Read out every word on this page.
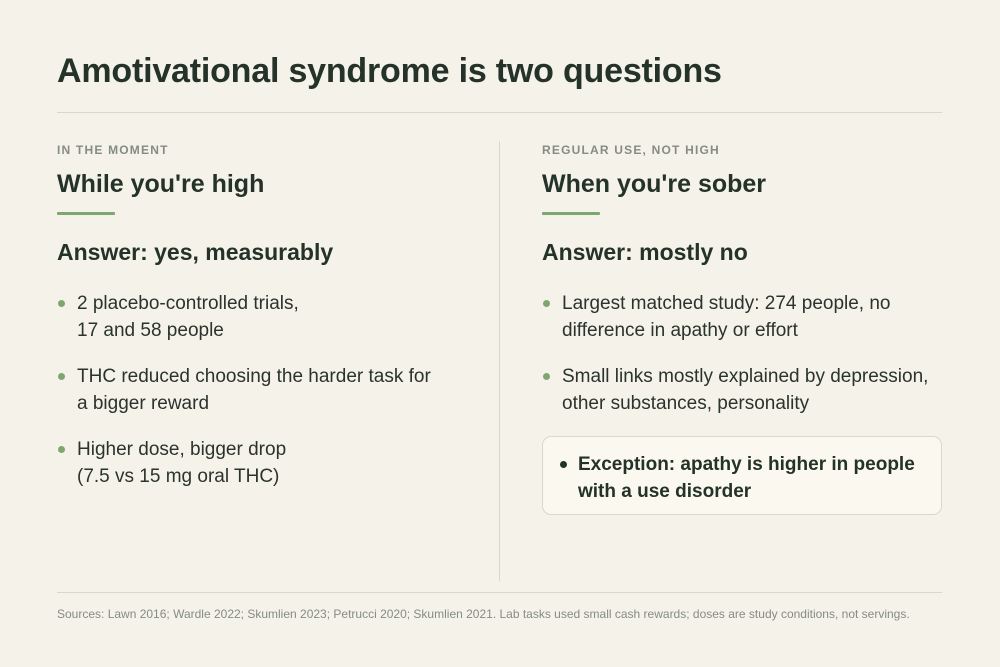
Amotivational syndrome is two questions
IN THE MOMENT
While you're high
Answer: yes, measurably
2 placebo-controlled trials,
17 and 58 people
THC reduced choosing the harder task for
a bigger reward
Higher dose, bigger drop
(7.5 vs 15 mg oral THC)
REGULAR USE, NOT HIGH
When you're sober
Answer: mostly no
Largest matched study: 274 people, no
difference in apathy or effort
Small links mostly explained by depression,
other substances, personality
Exception: apathy is higher in people
with a use disorder

Sources: Lawn 2016; Wardle 2022; Skumlien 2023; Petrucci 2020; Skumlien 2021. Lab tasks used small cash rewards; doses are study conditions, not servings.
